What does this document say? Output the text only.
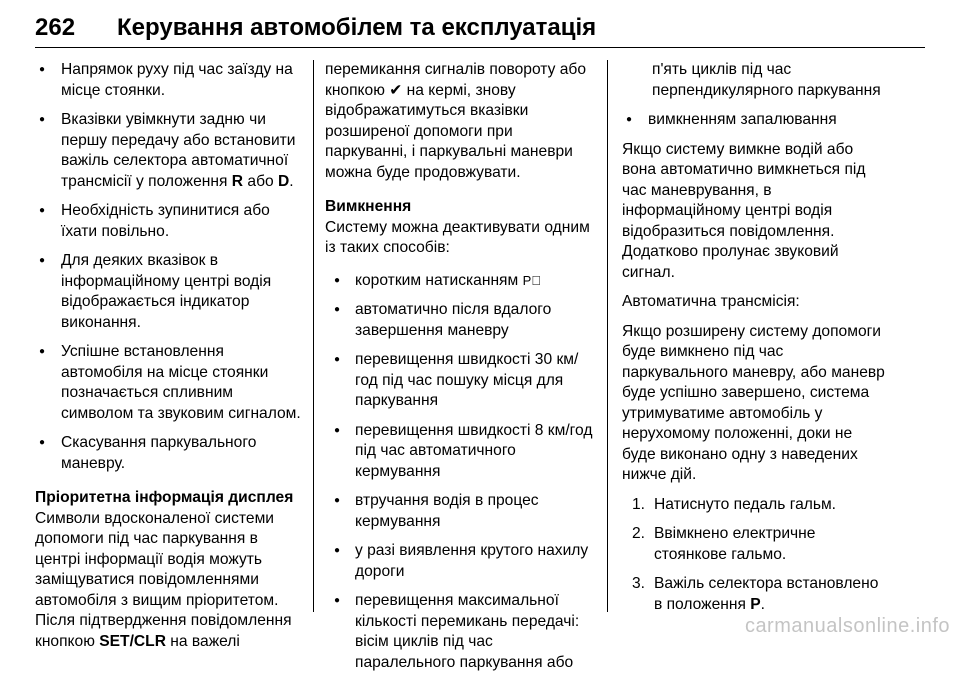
262 Керування автомобілем та експлуатація
● Напрямок руху під час заїзду на місце стоянки.
● Вказівки увімкнути задню чи першу передачу або встановити важіль селектора автоматичної трансмісії у положення R або D.
● Необхідність зупинитися або їхати повільно.
● Для деяких вказівок в інформаційному центрі водія відображається індикатор виконання.
● Успішне встановлення автомобіля на місце стоянки позначається спливним символом та звуковим сигналом.
● Скасування паркувального маневру.

Пріоритетна інформація дисплея

Символи вдосконаленої системи допомоги під час паркування в центрі інформації водія можуть заміщуватися повідомленнями автомобіля з вищим пріоритетом. Після підтвердження повідомлення кнопкою SET/CLR на важелі

перемикання сигналів повороту або кнопкою ✔ на кермі, знову відображатимуться вказівки розширеної допомоги при паркуванні, і паркувальні маневри можна буде продовжувати.

Вимкнення

Систему можна деактивувати одним із таких способів:

● коротким натисканням P⃞
● автоматично після вдалого завершення маневру
● перевищення швидкості 30 км/год під час пошуку місця для паркування
● перевищення швидкості 8 км/год під час автоматичного кермування
● втручання водія в процес кермування
● у разі виявлення крутого нахилу дороги
● перевищення максимальної кількості перемикань передачі: вісім циклів під час паралельного паркування або

п'ять циклів під час перпендикулярного паркування

● вимкненням запалювання

Якщо систему вимкне водій або вона автоматично вимкнеться під час маневрування, в інформаційному центрі водія відобразиться повідомлення. Додатково пролунає звуковий сигнал.

Автоматична трансмісія:

Якщо розширену систему допомоги буде вимкнено під час паркувального маневру, або маневр буде успішно завершено, система утримуватиме автомобіль у нерухомому положенні, доки не буде виконано одну з наведених нижче дій.

1. Натиснуто педаль гальм.
2. Ввімкнено електричне стоянкове гальмо.
3. Важіль селектора встановлено в положення P.
carmanualsonline.info
